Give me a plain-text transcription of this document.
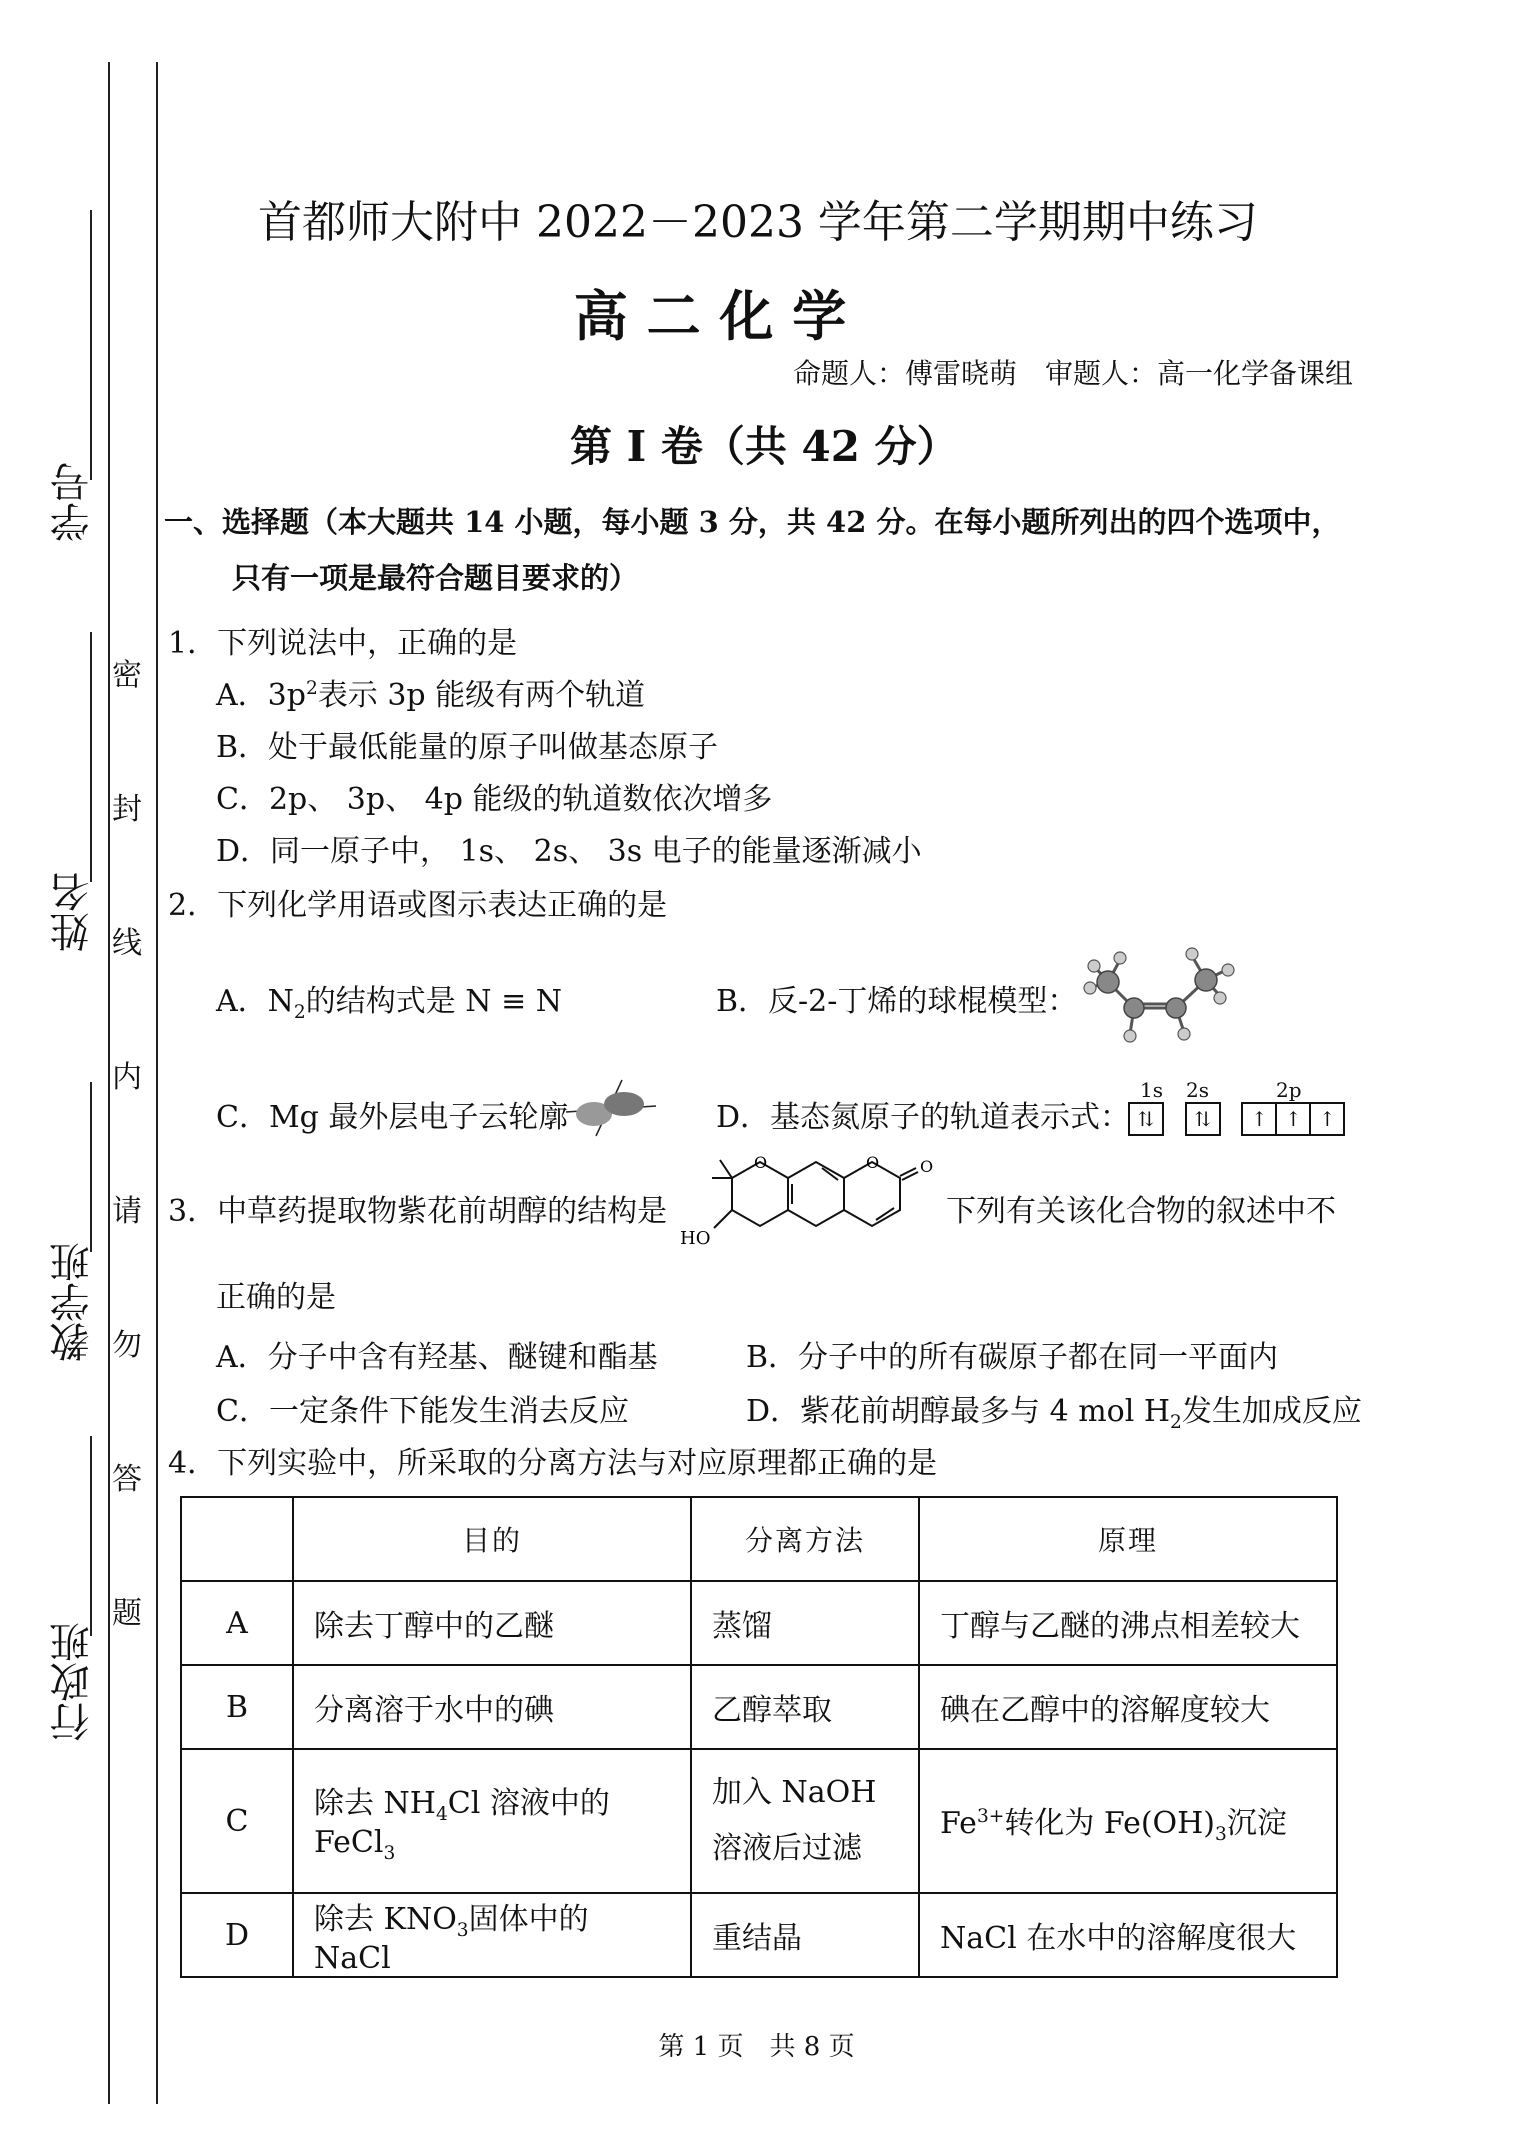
学号
姓名
教学班
行政班
密
封
线
内
请
勿
答
题
首都师大附中 2022－2023 学年第二学期期中练习
高 二 化 学
命题人：傅雷晓萌　审题人：高一化学备课组
第 I 卷（共 42 分）
一、选择题（本大题共 14 小题，每小题 3 分，共 42 分。在每小题所列出的四个选项中，
只有一项是最符合题目要求的）
1．下列说法中，正确的是
A．$3p^2$表示 3p 能级有两个轨道
B．处于最低能量的原子叫做基态原子
C．2p、 3p、 4p 能级的轨道数依次增多
D．同一原子中， 1s、 2s、 3s 电子的能量逐渐减小
2．下列化学用语或图示表达正确的是
A．$N_2$的结构式是 N ≡ N	B．反-2-丁烯的球棍模型：
C．Mg 最外层电子云轮廓	D．基态氮原子的轨道表示式：
1s 2s	2p
⇅ ⇅ ↑ ↑ ↑
3．中草药提取物紫花前胡醇的结构是
O	O	O
HO
下列有关该化合物的叙述中不
正确的是
A．分子中含有羟基、醚键和酯基	B．分子中的所有碳原子都在同一平面内
C．一定条件下能发生消去反应	D．紫花前胡醇最多与 4 mol $H_2$发生加成反应
4．下列实验中，所采取的分离方法与对应原理都正确的是
	目的	分离方法	原理
A	除去丁醇中的乙醚	蒸馏	丁醇与乙醚的沸点相差较大
B	分离溶于水中的碘	乙醇萃取	碘在乙醇中的溶解度较大
C	除去 $NH_4Cl$ 溶液中的 FeCl$_3$	加入 NaOH 溶液后过滤	$Fe^{3+}$转化为 $Fe(OH)_3$沉淀
D	除去 $KNO_3$固体中的 NaCl	重结晶	NaCl 在水中的溶解度很大
第 1 页　共 8 页
